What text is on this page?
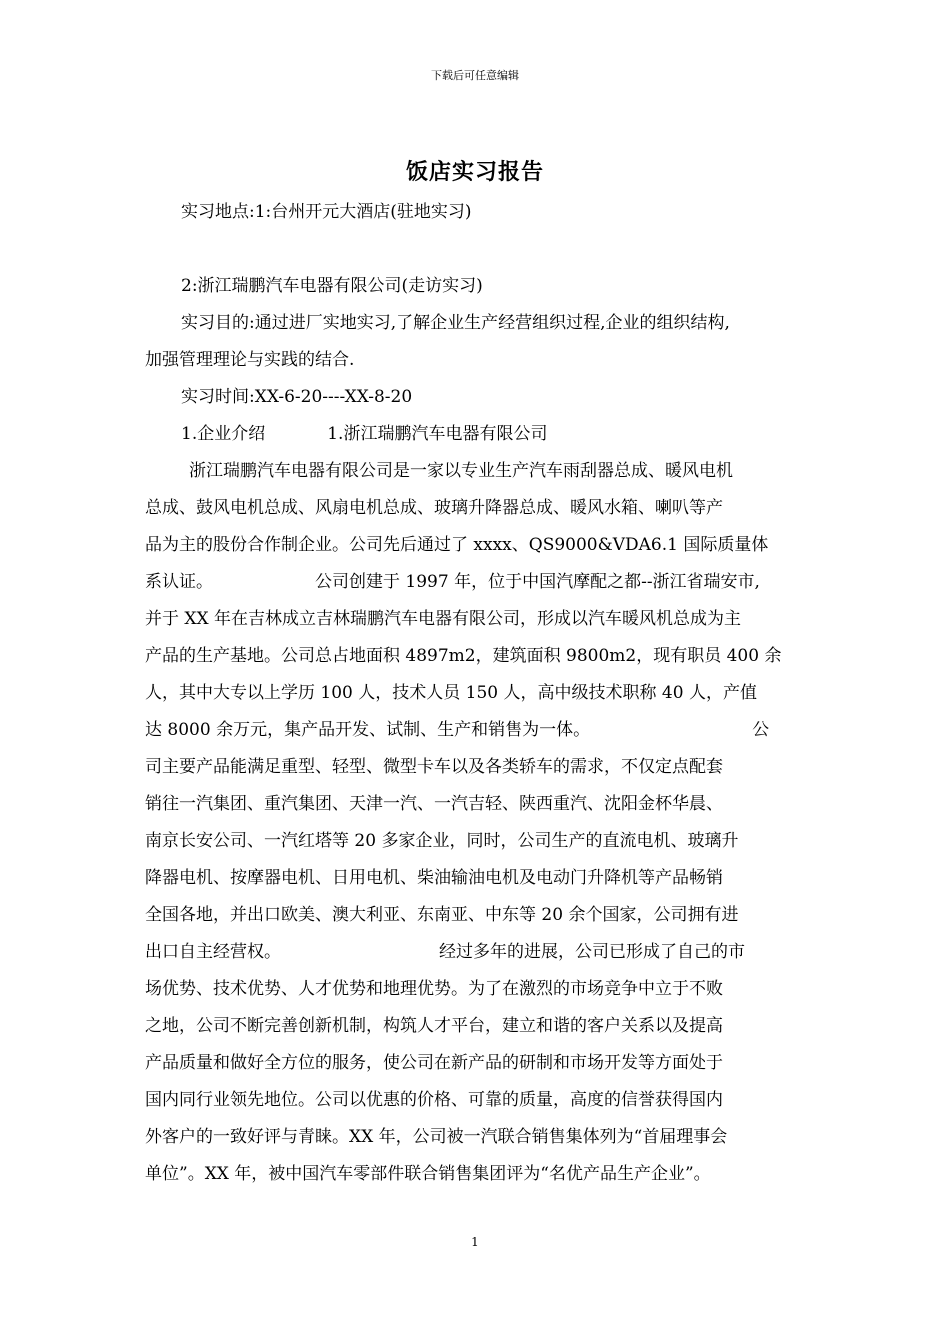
下载后可任意编辑
饭店实习报告
实习地点:1:台州开元大酒店(驻地实习)
2:浙江瑞鹏汽车电器有限公司(走访实习)
实习目的:通过进厂实地实习,了解企业生产经营组织过程,企业的组织结构,
加强管理理论与实践的结合.
实习时间:XX-6-20----XX-8-20
1.企业介绍	1.浙江瑞鹏汽车电器有限公司
浙江瑞鹏汽车电器有限公司是一家以专业生产汽车雨刮器总成、暖风电机
总成、鼓风电机总成、风扇电机总成、玻璃升降器总成、暖风水箱、喇叭等产
品为主的股份合作制企业。公司先后通过了 xxxx、QS9000&VDA6.1 国际质量体
系认证。	公司创建于 1997 年，位于中国汽摩配之都--浙江省瑞安市,
并于 XX 年在吉林成立吉林瑞鹏汽车电器有限公司，形成以汽车暖风机总成为主
产品的生产基地。公司总占地面积 4897m2，建筑面积 9800m2，现有职员 400 余
人，其中大专以上学历 100 人，技术人员 150 人，高中级技术职称 40 人，产值
达 8000 余万元，集产品开发、试制、生产和销售为一体。	公
司主要产品能满足重型、轻型、微型卡车以及各类轿车的需求，不仅定点配套
销往一汽集团、重汽集团、天津一汽、一汽吉轻、陕西重汽、沈阳金杯华晨、
南京长安公司、一汽红塔等 20 多家企业，同时，公司生产的直流电机、玻璃升
降器电机、按摩器电机、日用电机、柴油输油电机及电动门升降机等产品畅销
全国各地，并出口欧美、澳大利亚、东南亚、中东等 20 余个国家，公司拥有进
出口自主经营权。	经过多年的进展，公司已形成了自己的市
场优势、技术优势、人才优势和地理优势。为了在激烈的市场竞争中立于不败
之地，公司不断完善创新机制，构筑人才平台，建立和谐的客户关系以及提高
产品质量和做好全方位的服务，使公司在新产品的研制和市场开发等方面处于
国内同行业领先地位。公司以优惠的价格、可靠的质量，高度的信誉获得国内
外客户的一致好评与青睐。XX 年，公司被一汽联合销售集体列为“首届理事会
单位”。XX 年，被中国汽车零部件联合销售集团评为“名优产品生产企业”。
1
